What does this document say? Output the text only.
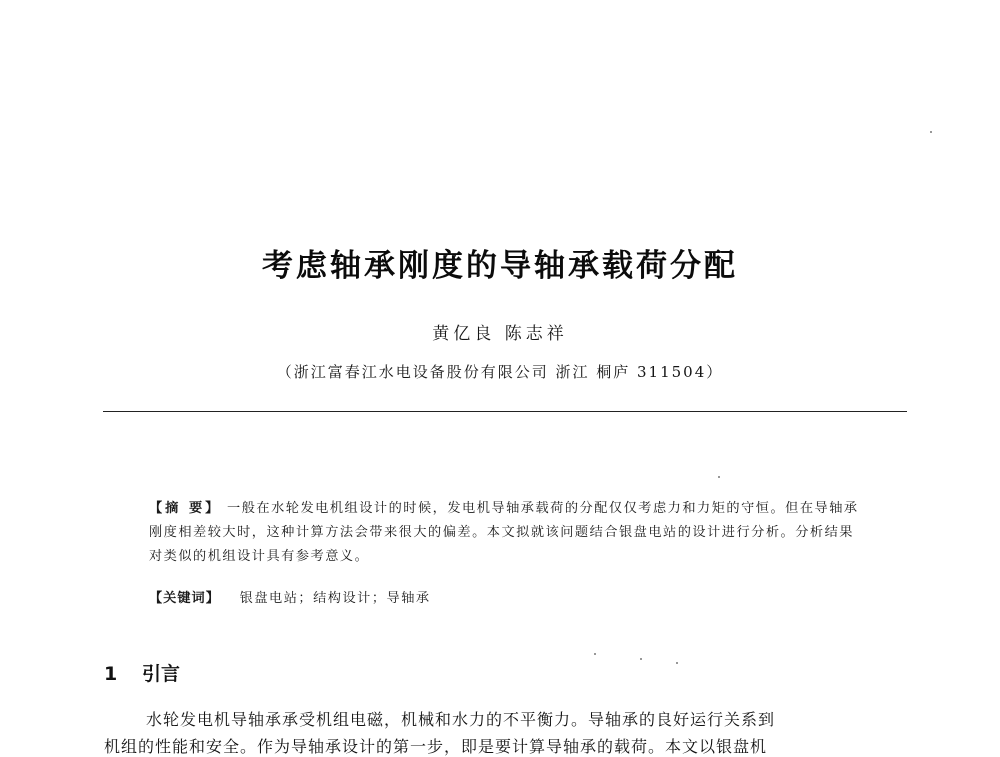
考虑轴承刚度的导轴承载荷分配
黄亿良 陈志祥
（浙江富春江水电设备股份有限公司 浙江 桐庐 311504）
【摘 要】 一般在水轮发电机组设计的时候，发电机导轴承载荷的分配仅仅考虑力和力矩的守恒。但在导轴承刚度相差较大时，这种计算方法会带来很大的偏差。本文拟就该问题结合银盘电站的设计进行分析。分析结果对类似的机组设计具有参考意义。
【关键词】 银盘电站；结构设计；导轴承
1 引言
水轮发电机导轴承承受机组电磁，机械和水力的不平衡力。导轴承的良好运行关系到
机组的性能和安全。作为导轴承设计的第一步，即是要计算导轴承的载荷。本文以银盘机
